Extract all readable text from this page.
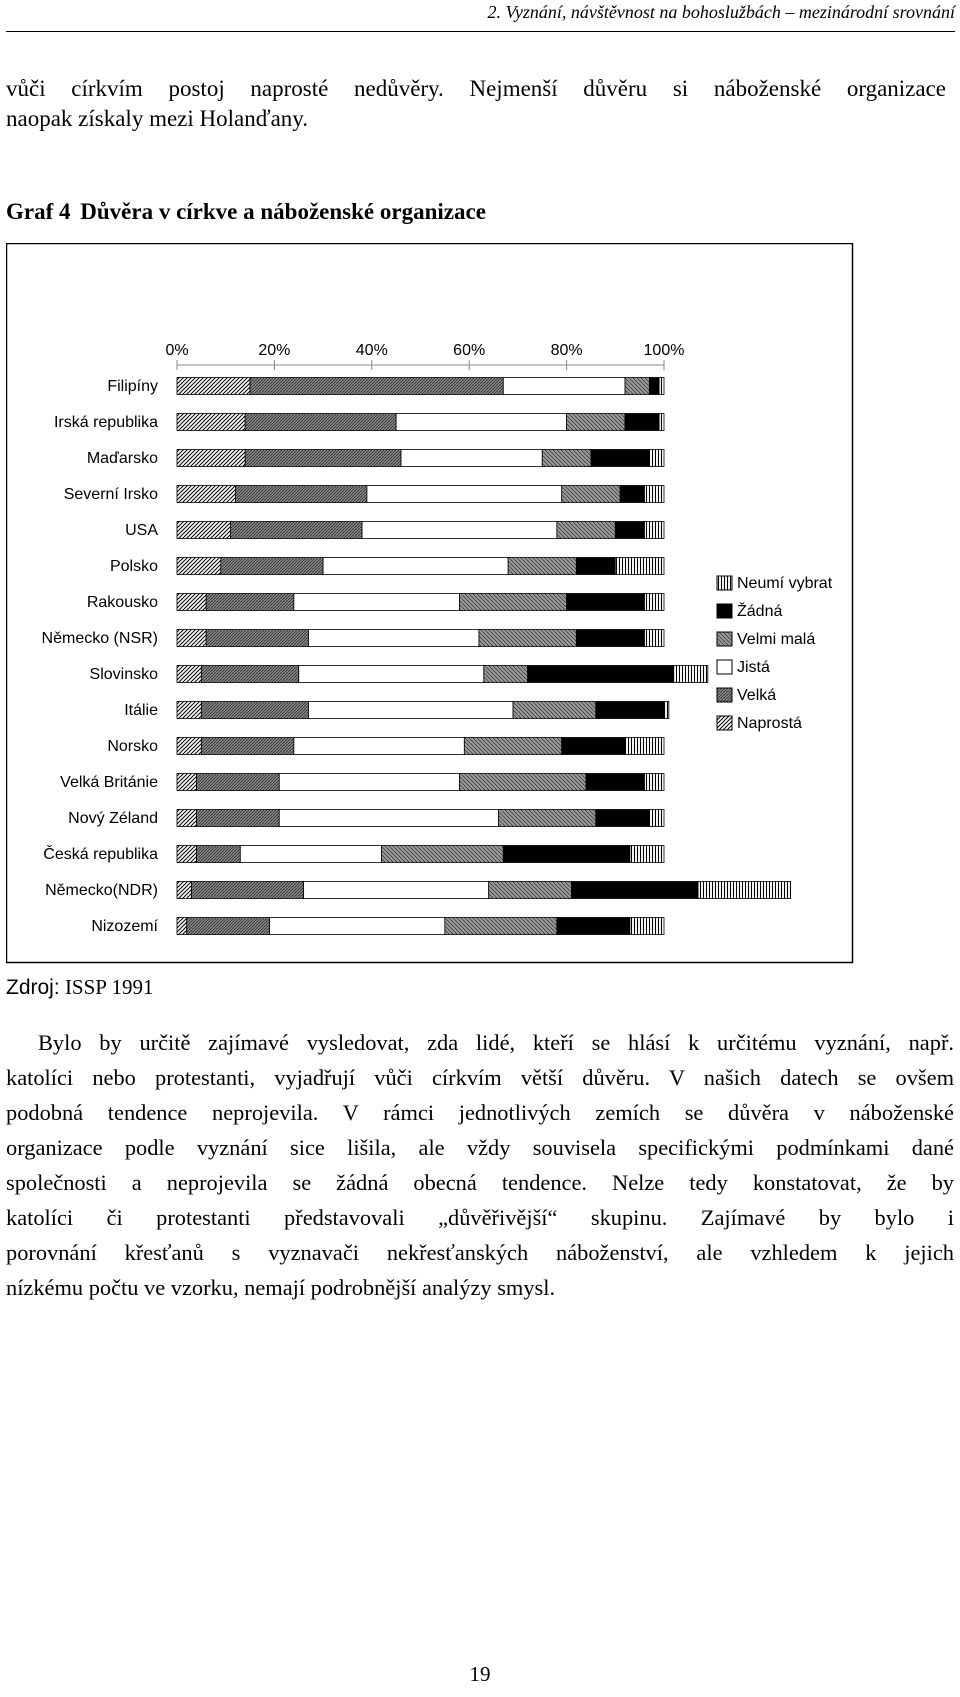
2. Vyznání, návštěvnost na bohoslužbách – mezinárodní srovnání
vůči církvím postoj naprosté nedůvěry. Nejmenší důvěru si náboženské organizace
naopak získaly mezi Holanďany.
Graf 4 Důvěra v církve a náboženské organizace
0%	20%	40%	60%	80%	100%
Filipíny
Irská republika
Maďarsko
Severní Irsko
USA
Polsko
Rakousko
Německo (NSR)
Slovinsko
Itálie
Norsko
Velká Británie
Nový Zéland
Česká republika
Německo(NDR)
Nizozemí
Neumí vybrat
Žádná
Velmi malá
Jistá
Velká
Naprostá
Zdroj: ISSP 1991
Bylo by určitě zajímavé vysledovat, zda lidé, kteří se hlásí k určitému vyznání, např.
katolíci nebo protestanti, vyjadřují vůči církvím větší důvěru. V našich datech se ovšem
podobná tendence neprojevila. V rámci jednotlivých zemích se důvěra v náboženské
organizace podle vyznání sice lišila, ale vždy souvisela specifickými podmínkami dané
společnosti a neprojevila se žádná obecná tendence. Nelze tedy konstatovat, že by
katolíci či protestanti představovali „důvěřivější“ skupinu. Zajímavé by bylo i
porovnání křesťanů s vyznavači nekřesťanských náboženství, ale vzhledem k jejich
nízkému počtu ve vzorku, nemají podrobnější analýzy smysl.
19
